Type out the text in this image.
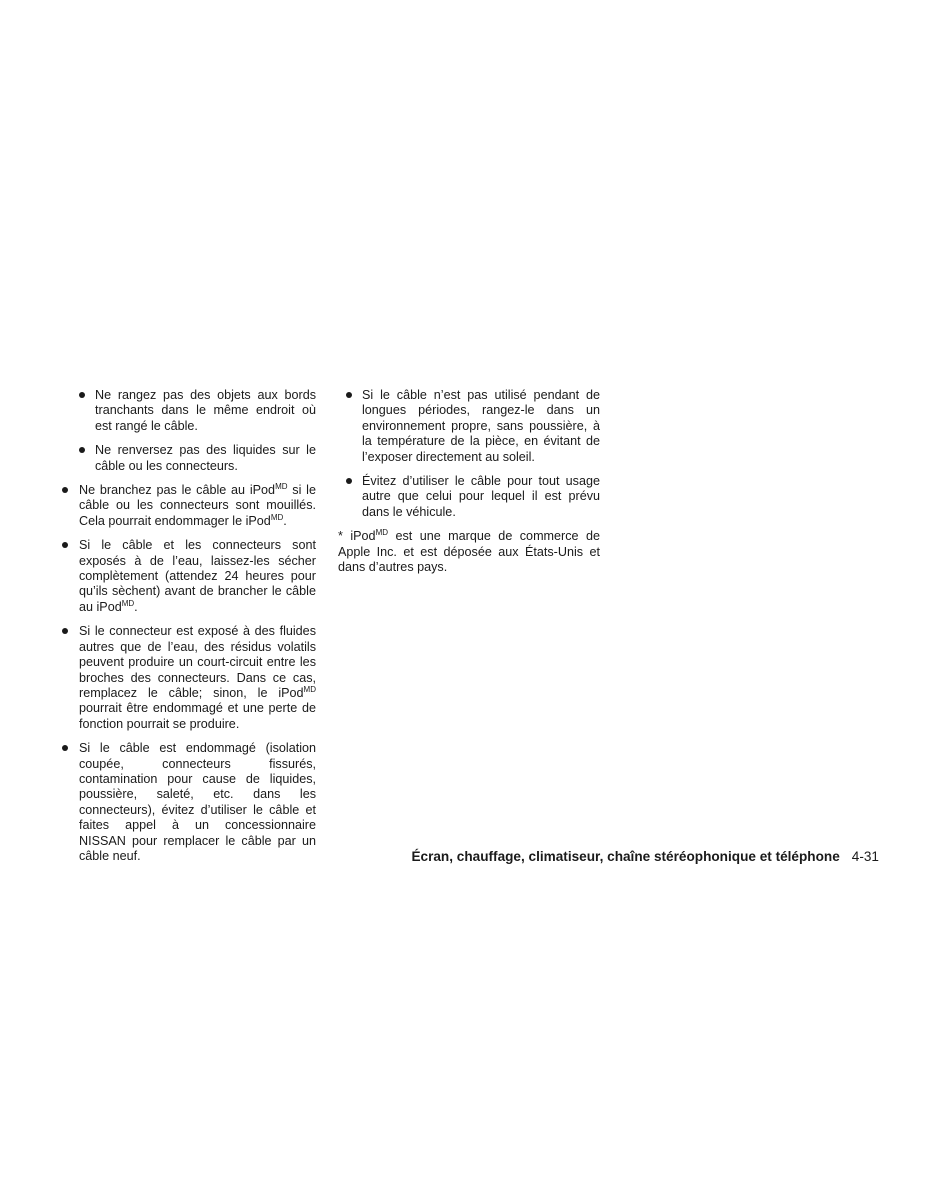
Ne rangez pas des objets aux bords tranchants dans le même endroit où est rangé le câble.
Ne renversez pas des liquides sur le câble ou les connecteurs.
Ne branchez pas le câble au iPod$^{MD}$ si le câble ou les connecteurs sont mouillés. Cela pourrait endommager le iPod$^{MD}$.
Si le câble et les connecteurs sont exposés à de l’eau, laissez-les sécher complètement (attendez 24 heures pour qu’ils sèchent) avant de brancher le câble au iPod$^{MD}$.
Si le connecteur est exposé à des fluides autres que de l’eau, des résidus volatils peuvent produire un court-circuit entre les broches des connecteurs. Dans ce cas, remplacez le câble; sinon, le iPod$^{MD}$ pourrait être endommagé et une perte de fonction pourrait se produire.
Si le câble est endommagé (isolation coupée, connecteurs fissurés, contamination pour cause de liquides, poussière, saleté, etc. dans les connecteurs), évitez d’utiliser le câble et faites appel à un concessionnaire NISSAN pour remplacer le câble par un câble neuf.
Si le câble n’est pas utilisé pendant de longues périodes, rangez-le dans un environnement propre, sans poussière, à la température de la pièce, en évitant de l’exposer directement au soleil.
Évitez d’utiliser le câble pour tout usage autre que celui pour lequel il est prévu dans le véhicule.
* iPod$^{MD}$ est une marque de commerce de Apple Inc. et est déposée aux États-Unis et dans d’autres pays.
Écran, chauffage, climatiseur, chaîne stéréophonique et téléphone 4-31
